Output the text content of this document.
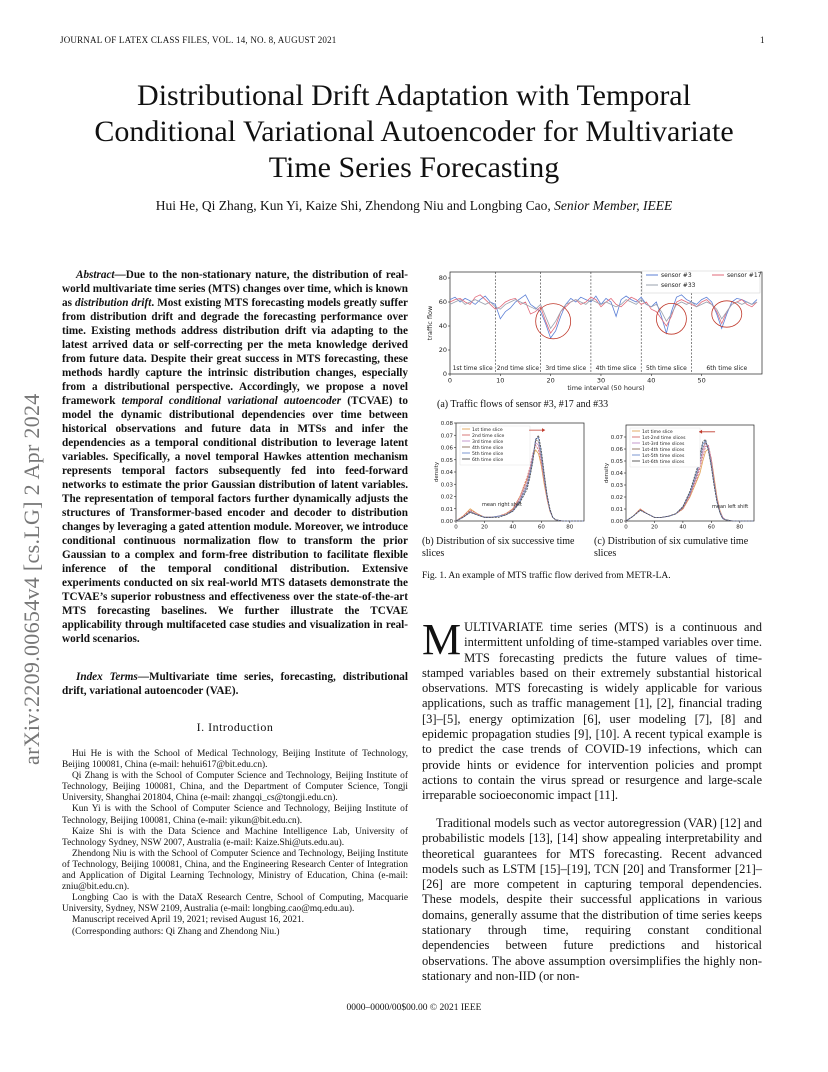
JOURNAL OF LATEX CLASS FILES, VOL. 14, NO. 8, AUGUST 2021	1
arXiv:2209.00654v4 [cs.LG] 2 Apr 2024
Distributional Drift Adaptation with Temporal Conditional Variational Autoencoder for Multivariate Time Series Forecasting
Hui He, Qi Zhang, Kun Yi, Kaize Shi, Zhendong Niu and Longbing Cao, Senior Member, IEEE
Abstract—Due to the non-stationary nature, the distribution of real-world multivariate time series (MTS) changes over time, which is known as distribution drift. Most existing MTS forecasting models greatly suffer from distribution drift and degrade the forecasting performance over time. Existing methods address distribution drift via adapting to the latest arrived data or self-correcting per the meta knowledge derived from future data. Despite their great success in MTS forecasting, these methods hardly capture the intrinsic distribution changes, especially from a distributional perspective. Accordingly, we propose a novel framework temporal conditional variational autoencoder (TCVAE) to model the dynamic distributional dependencies over time between historical observations and future data in MTSs and infer the dependencies as a temporal conditional distribution to leverage latent variables. Specifically, a novel temporal Hawkes attention mechanism represents temporal factors subsequently fed into feed-forward networks to estimate the prior Gaussian distribution of latent variables. The representation of temporal factors further dynamically adjusts the structures of Transformer-based encoder and decoder to distribution changes by leveraging a gated attention module. Moreover, we introduce conditional continuous normalization flow to transform the prior Gaussian to a complex and form-free distribution to facilitate flexible inference of the temporal conditional distribution. Extensive experiments conducted on six real-world MTS datasets demonstrate the TCVAE’s superior robustness and effectiveness over the state-of-the-art MTS forecasting baselines. We further illustrate the TCVAE applicability through multifaceted case studies and visualization in real-world scenarios.
Index Terms—Multivariate time series, forecasting, distributional drift, variational autoencoder (VAE).
I. Introduction

Hui He is with the School of Medical Technology, Beijing Institute of Technology, Beijing 100081, China (e-mail: hehui617@bit.edu.cn).

Qi Zhang is with the School of Computer Science and Technology, Beijing Institute of Technology, Beijing 100081, China, and the Department of Computer Science, Tongji University, Shanghai 201804, China (e-mail: zhangqi_cs@tongji.edu.cn).

Kun Yi is with the School of Computer Science and Technology, Beijing Institute of Technology, Beijing 100081, China (e-mail: yikun@bit.edu.cn).

Kaize Shi is with the Data Science and Machine Intelligence Lab, University of Technology Sydney, NSW 2007, Australia (e-mail: Kaize.Shi@uts.edu.au).

Zhendong Niu is with the School of Computer Science and Technology, Beijing Institute of Technology, Beijing 100081, China, and the Engineering Research Center of Integration and Application of Digital Learning Technology, Ministry of Education, China (e-mail: zniu@bit.edu.cn).

Longbing Cao is with the DataX Research Centre, School of Computing, Macquarie University, Sydney, NSW 2109, Australia (e-mail: longbing.cao@mq.edu.au).

Manuscript received April 19, 2021; revised August 16, 2021.

(Corresponding authors: Qi Zhang and Zhendong Niu.)

0
20
40
60
80
0	10	20	30	40	50
traffic flow
time interval (50 hours)
1st time slice 2nd time slice 3rd time slice 4th time slice 5th time slice	6th time slice
sensor #3	sensor #17
sensor #33
0.00
0.01
0.02
0.03
0.04
0.05
0.06
0.07
0.08
0	20	40	60	80
density
1st time slice
2nd time slice
3rd time slice
4th time slice
5th time slice
6th time slice
mean right shift
0.00
0.01
0.02
0.03
0.04
0.05
0.06
0.07
0	20	40	60	80
density
1st time slice
1st-2nd time slices
1st-3rd time slices
1st-4th time slices
1st-5th time slices
1st-6th time slices
mean left shift
(a) Traffic flows of sensor #3, #17 and #33
(b) Distribution of six successive time slices
(c) Distribution of six cumulative time slices
Fig. 1. An example of MTS traffic flow derived from METR-LA.

MULTIVARIATE time series (MTS) is a continuous and intermittent unfolding of time-stamped variables over time. MTS forecasting predicts the future values of time-stamped variables based on their extremely substantial historical observations. MTS forecasting is widely applicable for various applications, such as traffic management [1], [2], financial trading [3]–[5], energy optimization [6], user modeling [7], [8] and epidemic propagation studies [9], [10]. A recent typical example is to predict the case trends of COVID-19 infections, which can provide hints or evidence for intervention policies and prompt actions to contain the virus spread or resurgence and large-scale irreparable socioeconomic impact [11].

Traditional models such as vector autoregression (VAR) [12] and probabilistic models [13], [14] show appealing interpretability and theoretical guarantees for MTS forecasting. Recent advanced models such as LSTM [15]–[19], TCN [20] and Transformer [21]–[26] are more competent in capturing temporal dependencies. These models, despite their successful applications in various domains, generally assume that the distribution of time series keeps stationary through time, requiring constant conditional dependencies between future predictions and historical observations. The above assumption oversimplifies the highly non-stationary and non-IID (or non-

0000–0000/00$00.00 © 2021 IEEE
